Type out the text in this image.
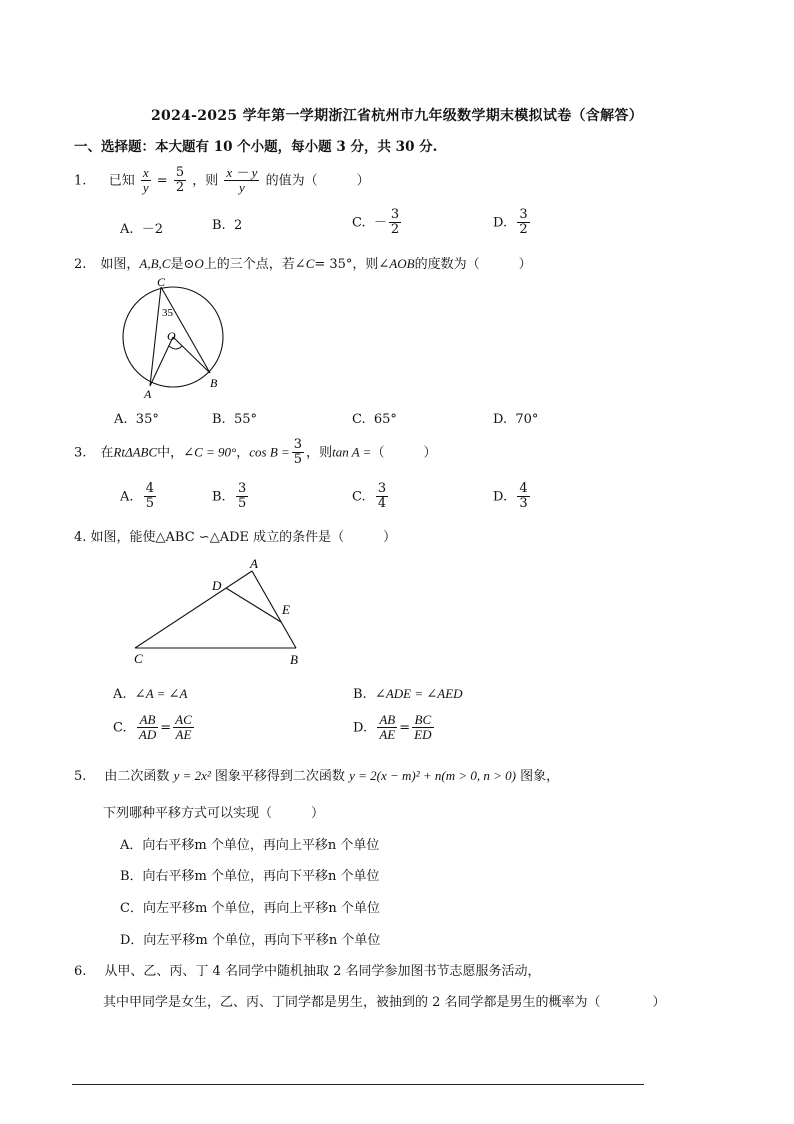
2024-2025 学年第一学期浙江省杭州市九年级数学期末模拟试卷（含解答）
一、选择题：本大题有 10 个小题，每小题 3 分，共 30 分.
1. 已知 $\frac{x}{y} = \frac{5}{2}$ ，则 $\frac{x - y}{y}$ 的值为（　　　）
A. －2	B. 2	C. － $\frac{3}{2}$	D. $\frac{3}{2}$
2. 如图，A,B,C是⊙O上的三个点，若∠C= 35°，则∠AOB的度数为（　　　）
C
O
A
B
35
A. 35°	B. 55°	C. 65°	D. 70°
3. 在RtΔABC中，∠C = 90°，$\cos B = \frac{3}{5}$ ，则tan A =（　　　）
A. $\frac{4}{5}$	B. $\frac{3}{5}$	C. $\frac{3}{4}$	D. $\frac{4}{3}$
4. 如图，能使△ABC ∽△ADE 成立的条件是（　　　）
A
D
E
C	B
A. ∠A = ∠A	B. ∠ADE = ∠AED
C. $\frac{AB}{AD} = \frac{AC}{AE}$	D. $\frac{AB}{AE} = \frac{BC}{ED}$
5. 由二次函数 y = 2x² 图象平移得到二次函数 y = 2(x − m)² + n(m > 0, n > 0) 图象，
下列哪种平移方式可以实现（　　　）
A．向右平移m 个单位，再向上平移n 个单位
B．向右平移m 个单位，再向下平移n 个单位
C．向左平移m 个单位，再向上平移n 个单位
D．向左平移m 个单位，再向下平移n 个单位
6. 从甲、乙、丙、丁 4 名同学中随机抽取 2 名同学参加图书节志愿服务活动，
其中甲同学是女生，乙、丙、丁同学都是男生，被抽到的 2 名同学都是男生的概率为（　　　　）
